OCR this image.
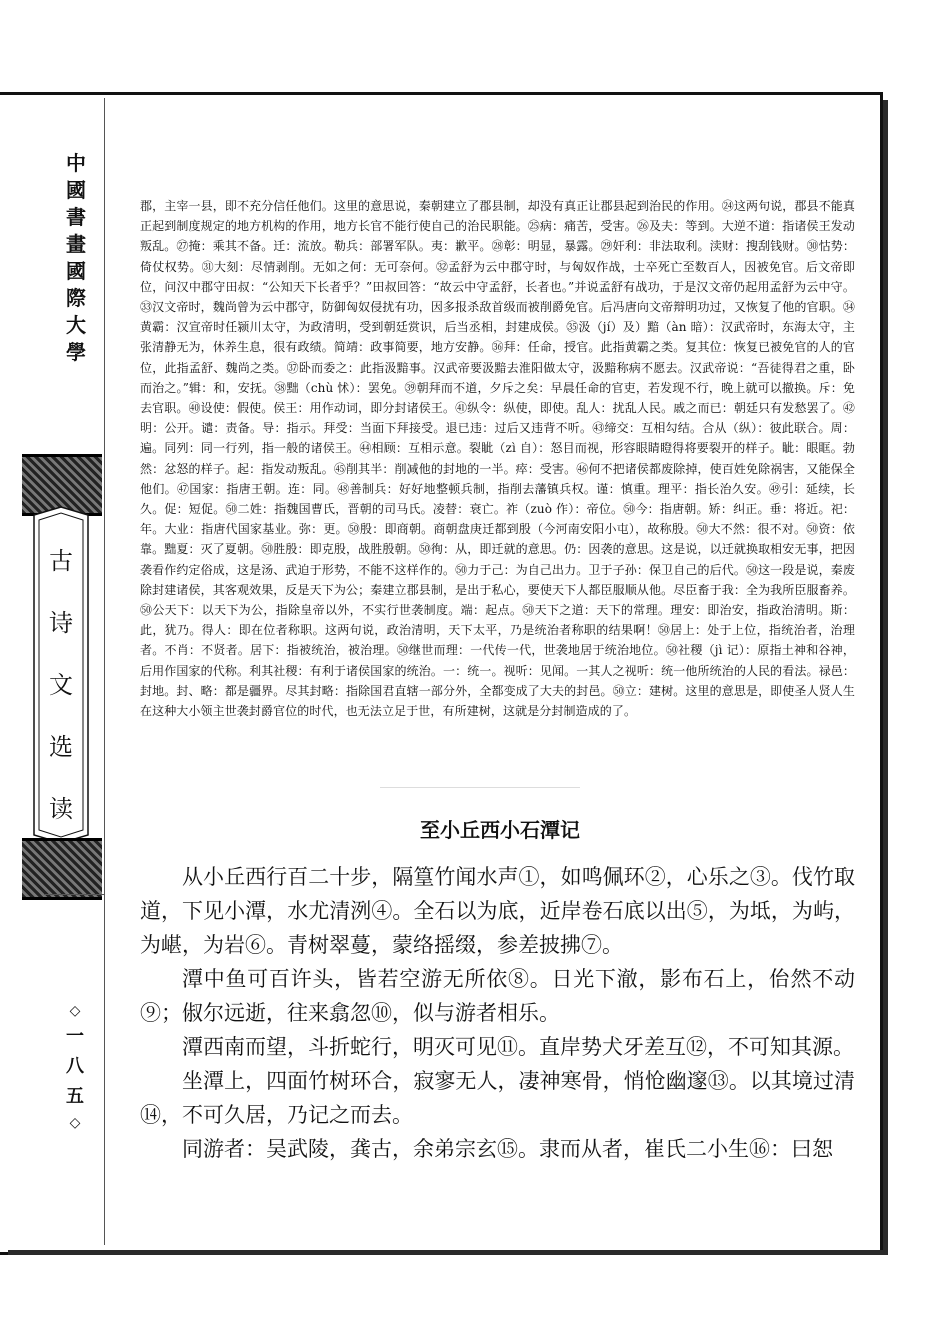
中
國
書
畫
國
際
大
學
古
诗
文
选
读
◇
一
八
五
◇

郡，主宰一县，即不充分信任他们。这里的意思说，秦朝建立了郡县制，却没有真正让郡县起到治民的作用。㉔这两句说，郡县不能真正起到制度规定的地方机构的作用，地方长官不能行使自己的治民职能。㉕病：痛苦，受害。㉖及夫：等到。大逆不道：指诸侯王发动叛乱。㉗掩：乘其不备。迁：流放。勒兵：部署军队。夷：歉平。㉘彰：明显，暴露。㉙奸利：非法取利。渎财：搜刮钱财。㉚怙势：倚仗权势。㉛大刻：尽情剥削。无如之何：无可奈何。㉜孟舒为云中郡守时，与匈奴作战，士卒死亡至数百人，因被免官。后文帝即位，问汉中郡守田叔：“公知天下长者乎？”田叔回答：“故云中守孟舒，长者也。”并说孟舒有战功，于是汉文帝仍起用孟舒为云中守。㉝汉文帝时，魏尚曾为云中郡守，防御匈奴侵扰有功，因多报杀敌首级而被削爵免官。后冯唐向文帝辩明功过，又恢复了他的官职。㉞黄霸：汉宣帝时任颍川太守，为政清明，受到朝廷赏识，后当丞相，封建成侯。㉟汲（jí）及）黯（àn 暗）：汉武帝时，东海太守，主张清静无为，休养生息，很有政绩。简靖：政事简要，地方安静。㊱拜：任命，授官。此指黄霸之类。复其位：恢复已被免官的人的官位，此指孟舒、魏尚之类。㊲卧而委之：此指汲黯事。汉武帝要汲黯去淮阳做太守，汲黯称病不愿去。汉武帝说：“吾徒得君之重，卧而治之。”辑：和，安抚。㊳黜（chù 怵）：罢免。㊴朝拜而不道，夕斥之矣：早晨任命的官吏，若发现不行，晚上就可以撤换。斥：免去官职。㊵设使：假使。侯王：用作动词，即分封诸侯王。㊶纵令：纵使，即使。乱人：扰乱人民。戚之而已：朝廷只有发愁罢了。㊷明：公开。谴：责备。导：指示。拜受：当面下拜接受。退已违：过后又违背不听。㊸缔交：互相勾结。合从（纵）：彼此联合。周：遍。同列：同一行列，指一般的诸侯王。㊹相顾：互相示意。裂眦（zì 自）：怒目而视，形容眼睛瞪得将要裂开的样子。眦：眼眶。勃然：忿怒的样子。起：指发动叛乱。㊺削其半：削减他的封地的一半。瘁：受害。㊻何不把诸侯都废除掉，使百姓免除祸害，又能保全他们。㊼国家：指唐王朝。连：同。㊽善制兵：好好地整顿兵制，指削去藩镇兵权。谨：慎重。理平：指长治久安。㊾引：延续，长久。促：短促。㊿二姓：指魏国曹氏，晋朝的司马氏。凌替：衰亡。祚（zuò 作）：帝位。㊿今：指唐朝。矫：纠正。垂：将近。祀：年。大业：指唐代国家基业。弥：更。㊿殷：即商朝。商朝盘庚迁都到殷（今河南安阳小屯），故称殷。㊿大不然：很不对。㊿资：依靠。黜夏：灭了夏朝。㊿胜殷：即克殷，战胜殷朝。㊿徇：从，即迁就的意思。仍：因袭的意思。这是说，以迁就换取相安无事，把因袭看作约定俗成，这是汤、武迫于形势，不能不这样作的。㊿力于己：为自己出力。卫于子孙：保卫自己的后代。㊿这一段是说，秦废除封建诸侯，其客观效果，反是天下为公；秦建立郡县制，是出于私心，要使天下人都臣服顺从他。尽臣畜于我：全为我所臣服畜养。㊿公天下：以天下为公，指除皇帝以外，不实行世袭制度。端：起点。㊿天下之道：天下的常理。理安：即治安，指政治清明。斯：此，犹乃。得人：即在位者称职。这两句说，政治清明，天下太平，乃是统治者称职的结果啊！㊿居上：处于上位，指统治者，治理者。不肖：不贤者。居下：指被统治，被治理。㊿继世而理：一代传一代，世袭地居于统治地位。㊿社稷（jì 记）：原指土神和谷神，后用作国家的代称。利其社稷：有利于诸侯国家的统治。一：统一。视听：见闻。一其人之视听：统一他所统治的人民的看法。禄邑：封地。封、略：都是疆界。尽其封略：指除国君直辖一部分外，全都变成了大夫的封邑。㊿立：建树。这里的意思是，即使圣人贤人生在这种大小领主世袭封爵官位的时代，也无法立足于世，有所建树，这就是分封制造成的了。

至小丘西小石潭记

从小丘西行百二十步，隔篁竹闻水声①，如鸣佩环②，心乐之③。伐竹取道，下见小潭，水尤清洌④。全石以为底，近岸卷石底以出⑤，为坻，为屿，为嵁，为岩⑥。青树翠蔓，蒙络摇缀，参差披拂⑦。

潭中鱼可百许头，皆若空游无所依⑧。日光下澈，影布石上，佁然不动⑨；俶尔远逝，往来翕忽⑩，似与游者相乐。

潭西南而望，斗折蛇行，明灭可见⑪。直岸势犬牙差互⑫，不可知其源。

坐潭上，四面竹树环合，寂寥无人，凄神寒骨，悄怆幽邃⑬。以其境过清⑭，不可久居，乃记之而去。

同游者：吴武陵，龚古，余弟宗玄⑮。隶而从者，崔氏二小生⑯：曰恕
